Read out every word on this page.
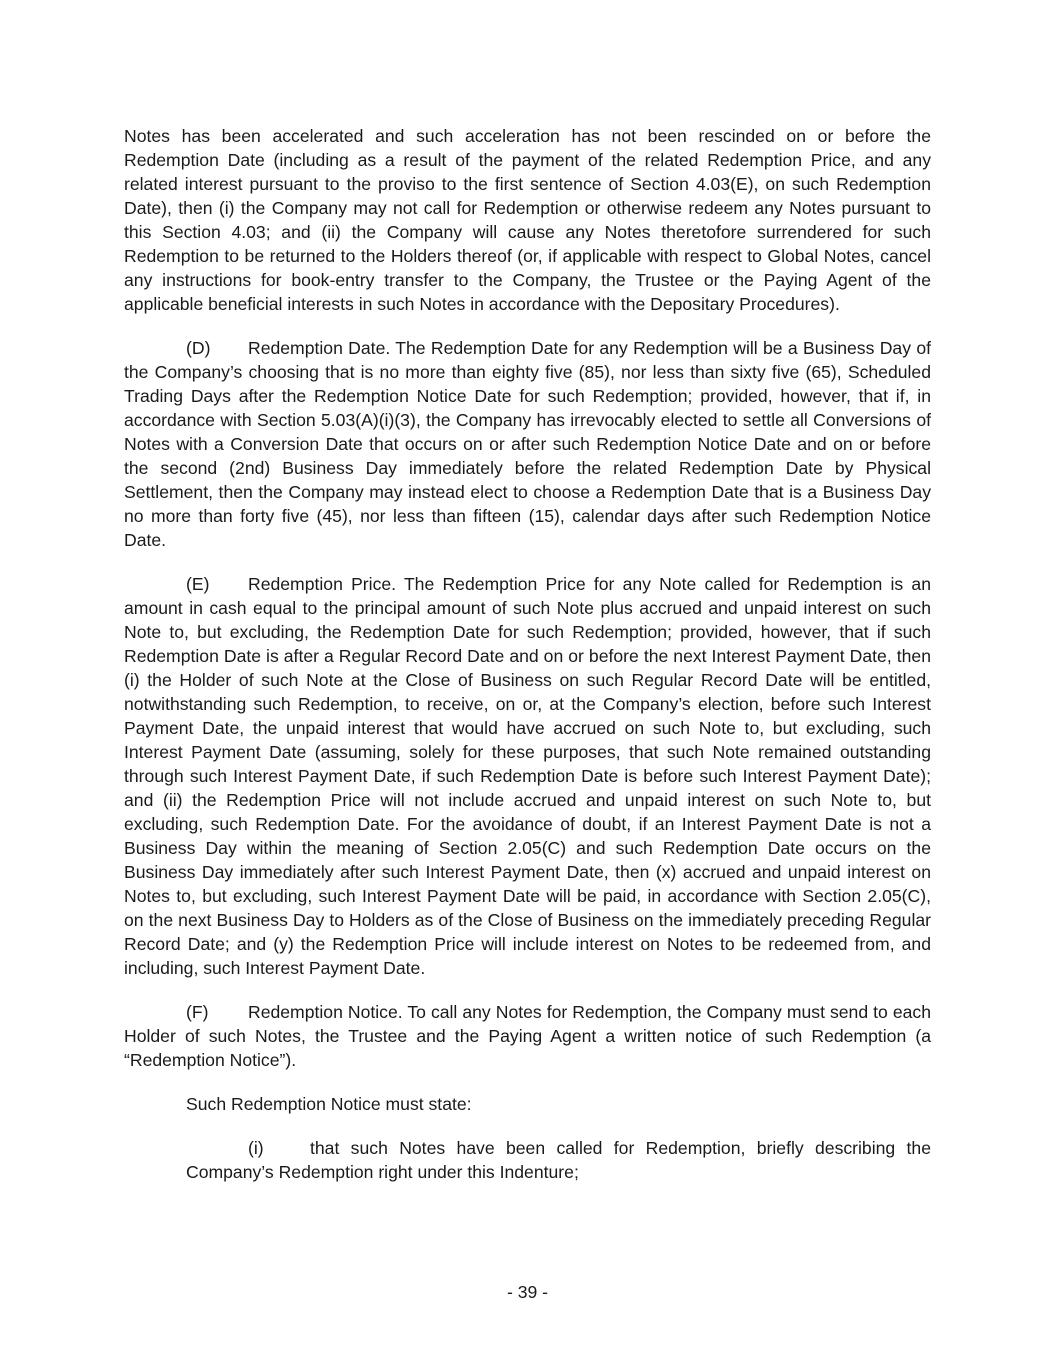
Notes has been accelerated and such acceleration has not been rescinded on or before the Redemption Date (including as a result of the payment of the related Redemption Price, and any related interest pursuant to the proviso to the first sentence of Section 4.03(E), on such Redemption Date), then (i) the Company may not call for Redemption or otherwise redeem any Notes pursuant to this Section 4.03; and (ii) the Company will cause any Notes theretofore surrendered for such Redemption to be returned to the Holders thereof (or, if applicable with respect to Global Notes, cancel any instructions for book-entry transfer to the Company, the Trustee or the Paying Agent of the applicable beneficial interests in such Notes in accordance with the Depositary Procedures).

(D) Redemption Date. The Redemption Date for any Redemption will be a Business Day of the Company’s choosing that is no more than eighty five (85), nor less than sixty five (65), Scheduled Trading Days after the Redemption Notice Date for such Redemption; provided, however, that if, in accordance with Section 5.03(A)(i)(3), the Company has irrevocably elected to settle all Conversions of Notes with a Conversion Date that occurs on or after such Redemption Notice Date and on or before the second (2nd) Business Day immediately before the related Redemption Date by Physical Settlement, then the Company may instead elect to choose a Redemption Date that is a Business Day no more than forty five (45), nor less than fifteen (15), calendar days after such Redemption Notice Date.

(E) Redemption Price. The Redemption Price for any Note called for Redemption is an amount in cash equal to the principal amount of such Note plus accrued and unpaid interest on such Note to, but excluding, the Redemption Date for such Redemption; provided, however, that if such Redemption Date is after a Regular Record Date and on or before the next Interest Payment Date, then (i) the Holder of such Note at the Close of Business on such Regular Record Date will be entitled, notwithstanding such Redemption, to receive, on or, at the Company’s election, before such Interest Payment Date, the unpaid interest that would have accrued on such Note to, but excluding, such Interest Payment Date (assuming, solely for these purposes, that such Note remained outstanding through such Interest Payment Date, if such Redemption Date is before such Interest Payment Date); and (ii) the Redemption Price will not include accrued and unpaid interest on such Note to, but excluding, such Redemption Date. For the avoidance of doubt, if an Interest Payment Date is not a Business Day within the meaning of Section 2.05(C) and such Redemption Date occurs on the Business Day immediately after such Interest Payment Date, then (x) accrued and unpaid interest on Notes to, but excluding, such Interest Payment Date will be paid, in accordance with Section 2.05(C), on the next Business Day to Holders as of the Close of Business on the immediately preceding Regular Record Date; and (y) the Redemption Price will include interest on Notes to be redeemed from, and including, such Interest Payment Date.

(F) Redemption Notice. To call any Notes for Redemption, the Company must send to each Holder of such Notes, the Trustee and the Paying Agent a written notice of such Redemption (a “Redemption Notice”).

Such Redemption Notice must state:

(i)	that such Notes have been called for Redemption, briefly describing the Company’s Redemption right under this Indenture;

- 39 -
